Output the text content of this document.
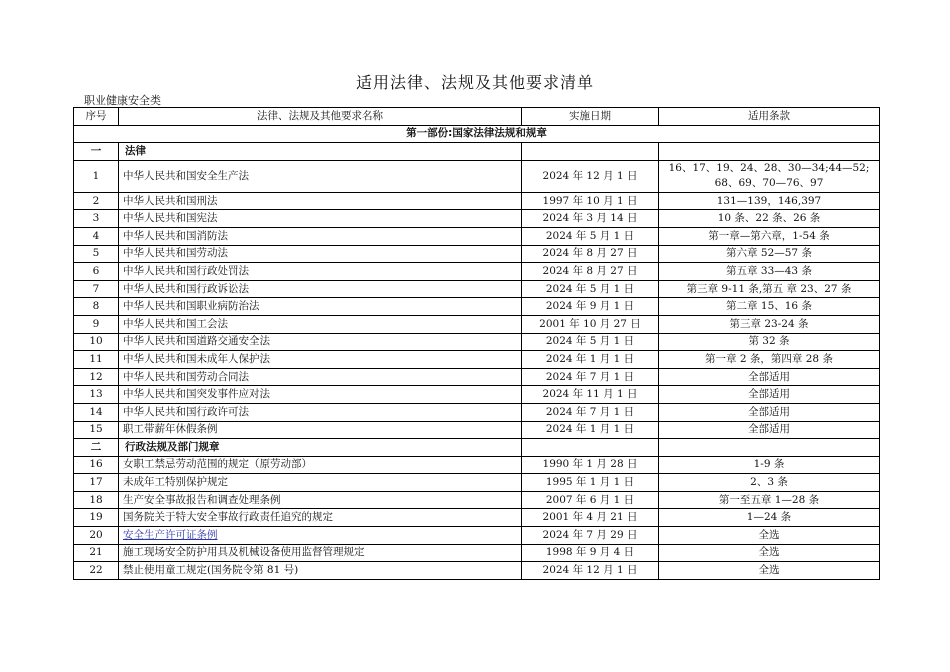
适用法律、法规及其他要求清单
职业健康安全类
序号	法律、法规及其他要求名称	实施日期	适用条款
第一部份:国家法律法规和规章			
一	法律		
1	中华人民共和国安全生产法	2024 年 12 月 1 日	16、17、19、24、28、30—34;44—52; 68、69、70—76、97
2	中华人民共和国刑法	1997 年 10 月 1 日	131—139，146,397
3	中华人民共和国宪法	2024 年 3 月 14 日	10 条、22 条、26 条
4	中华人民共和国消防法	2024 年 5 月 1 日	第一章—第六章，1-54 条
5	中华人民共和国劳动法	2024 年 8 月 27 日	第六章 52—57 条
6	中华人民共和国行政处罚法	2024 年 8 月 27 日	第五章 33—43 条
7	中华人民共和国行政诉讼法	2024 年 5 月 1 日	第三章 9-11 条,第五 章 23、27 条
8	中华人民共和国职业病防治法	2024 年 9 月 1 日	第二章 15、16 条
9	中华人民共和国工会法	2001 年 10 月 27 日	第三章 23-24 条
10	中华人民共和国道路交通安全法	2024 年 5 月 1 日	第 32 条
11	中华人民共和国未成年人保护法	2024 年 1 月 1 日	第一章 2 条，第四章 28 条
12	中华人民共和国劳动合同法	2024 年 7 月 1 日	全部适用
13	中华人民共和国突发事件应对法	2024 年 11 月 1 日	全部适用
14	中华人民共和国行政许可法	2024 年 7 月 1 日	全部适用
15	职工带薪年休假条例	2024 年 1 月 1 日	全部适用
二	行政法规及部门规章		
16	女职工禁忌劳动范围的规定（原劳动部）	1990 年 1 月 28 日	1-9 条
17	未成年工特别保护规定	1995 年 1 月 1 日	2、3 条
18	生产安全事故报告和调查处理条例	2007 年 6 月 1 日	第一至五章 1—28 条
19	国务院关于特大安全事故行政责任追究的规定	2001 年 4 月 21 日	1—24 条
20	安全生产许可证条例	2024 年 7 月 29 日	全选
21	施工现场安全防护用具及机械设备使用监督管理规定	1998 年 9 月 4 日	全选
22	禁止使用童工规定(国务院令第 81 号)	2024 年 12 月 1 日	全选
